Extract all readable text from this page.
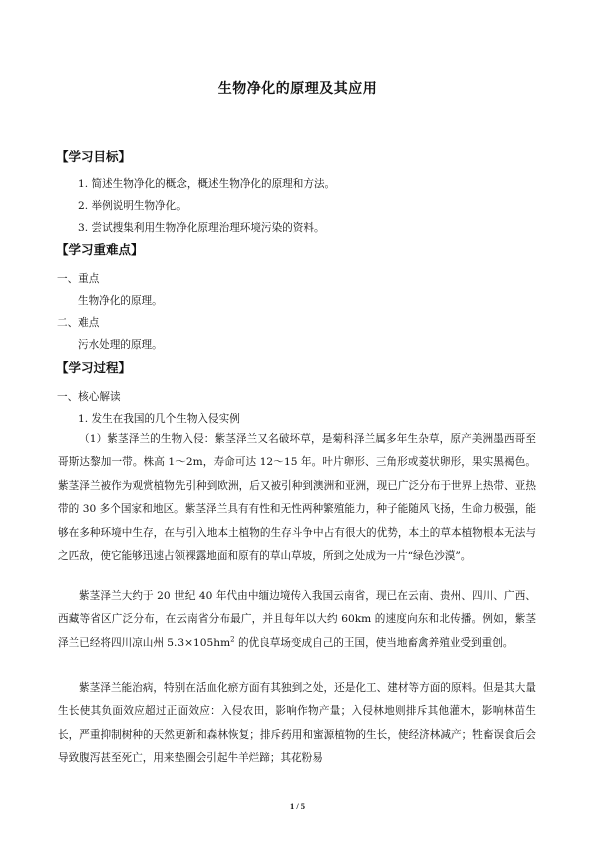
生物净化的原理及其应用
【学习目标】
1. 简述生物净化的概念，概述生物净化的原理和方法。
2. 举例说明生物净化。
3. 尝试搜集利用生物净化原理治理环境污染的资料。
【学习重难点】
一、重点
生物净化的原理。
二、难点
污水处理的原理。
【学习过程】
一、核心解读
1. 发生在我国的几个生物入侵实例
（1）紫茎泽兰的生物入侵：紫茎泽兰又名破坏草，是菊科泽兰属多年生杂草，原产美洲墨西哥至哥斯达黎加一带。株高 1～2m，寿命可达 12～15 年。叶片卵形、三角形或菱状卵形，果实黑褐色。紫茎泽兰被作为观赏植物先引种到欧洲，后又被引种到澳洲和亚洲，现已广泛分布于世界上热带、亚热带的 30 多个国家和地区。紫茎泽兰具有有性和无性两种繁殖能力，种子能随风飞扬，生命力极强，能够在多种环境中生存，在与引入地本土植物的生存斗争中占有很大的优势，本土的草本植物根本无法与之匹敌，使它能够迅速占领裸露地面和原有的草山草坡，所到之处成为一片“绿色沙漠”。
紫茎泽兰大约于 20 世纪 40 年代由中缅边境传入我国云南省，现已在云南、贵州、四川、广西、西藏等省区广泛分布，在云南省分布最广，并且每年以大约 60km 的速度向东和北传播。例如，紫茎泽兰已经将四川凉山州 $5.3\times 105hm^2$ 的优良草场变成自己的王国，使当地畜禽养殖业受到重创。
紫茎泽兰能治病，特别在活血化瘀方面有其独到之处，还是化工、建材等方面的原料。但是其大量生长使其负面效应超过正面效应：入侵农田，影响作物产量；入侵林地则排斥其他灌木，影响林苗生长，严重抑制树种的天然更新和森林恢复；排斥药用和蜜源植物的生长，使经济林减产；牲畜误食后会导致腹泻甚至死亡，用来垫圈会引起牛羊烂蹄；其花粉易
1 / 5
